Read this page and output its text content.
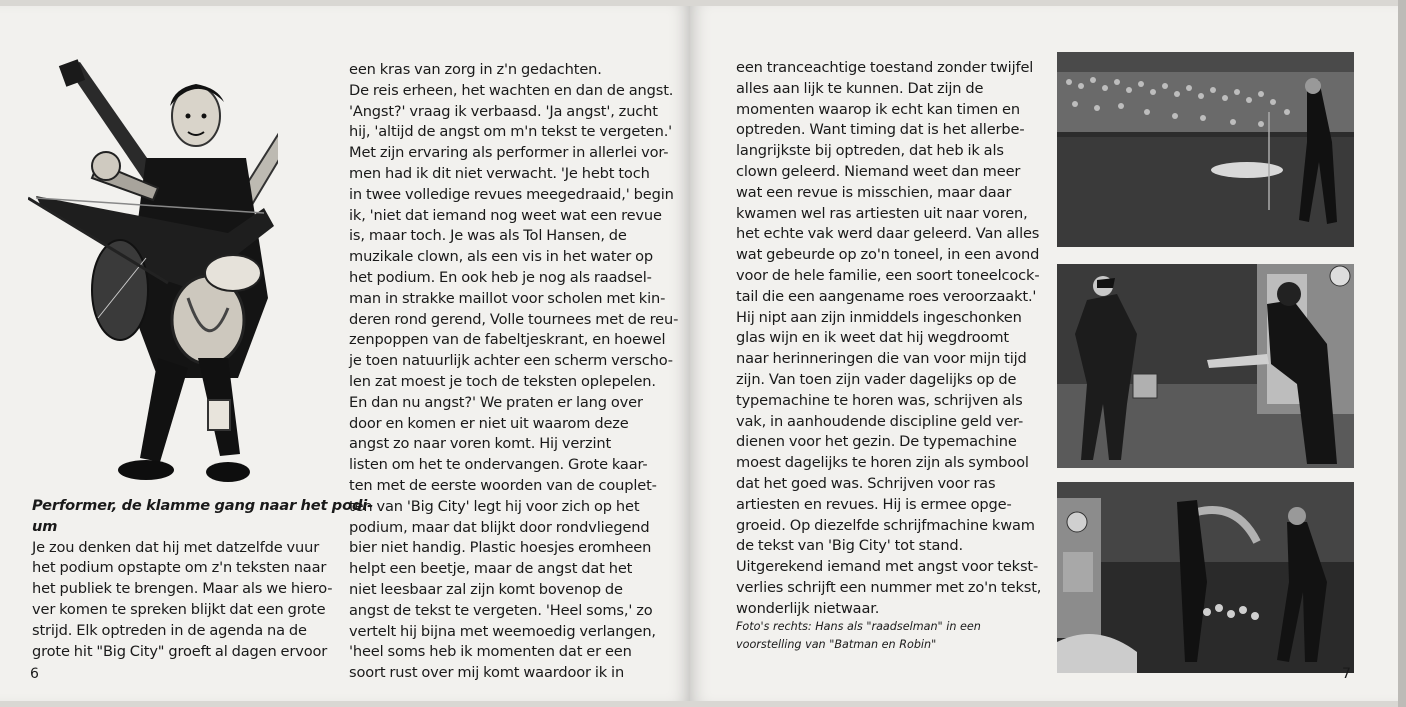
Performer, de klamme gang naar het podi-
um
Je zou denken dat hij met datzelfde vuur
het podium opstapte om z'n teksten naar
het publiek te brengen. Maar als we hiero-
ver komen te spreken blijkt dat een grote
strijd. Elk optreden in de agenda na de
grote hit "Big City" groeft al dagen ervoor
een kras van zorg in z'n gedachten.
De reis erheen, het wachten en dan de angst.
'Angst?' vraag ik verbaasd. 'Ja angst', zucht
hij, 'altijd de angst om m'n tekst te vergeten.'
Met zijn ervaring als performer in allerlei vor-
men had ik dit niet verwacht. 'Je hebt toch
in twee volledige revues meegedraaid,' begin
ik, 'niet dat iemand nog weet wat een revue
is, maar toch. Je was als Tol Hansen, de
muzikale clown, als een vis in het water op
het podium. En ook heb je nog als raadsel-
man in strakke maillot voor scholen met kin-
deren rond gerend, Volle tournees met de reu-
zenpoppen van de fabeltjeskrant, en hoewel
je toen natuurlijk achter een scherm verscho-
len zat moest je toch de teksten oplepelen.
En dan nu angst?' We praten er lang over
door en komen er niet uit waarom deze
angst zo naar voren komt. Hij verzint
listen om het te ondervangen. Grote kaar-
ten met de eerste woorden van de couplet-
ten van 'Big City' legt hij voor zich op het
podium, maar dat blijkt door rondvliegend
bier niet handig. Plastic hoesjes eromheen
helpt een beetje, maar de angst dat het
niet leesbaar zal zijn komt bovenop de
angst de tekst te vergeten. 'Heel soms,' zo
vertelt hij bijna met weemoedig verlangen,
'heel soms heb ik momenten dat er een
soort rust over mij komt waardoor ik in
6
een tranceachtige toestand zonder twijfel
alles aan lijk te kunnen. Dat zijn de
momenten waarop ik echt kan timen en
optreden. Want timing dat is het allerbe-
langrijkste bij optreden, dat heb ik als
clown geleerd. Niemand weet dan meer
wat een revue is misschien, maar daar
kwamen wel ras artiesten uit naar voren,
het echte vak werd daar geleerd. Van alles
wat gebeurde op zo'n toneel, in een avond
voor de hele familie, een soort toneelcock-
tail die een aangename roes veroorzaakt.'
Hij nipt aan zijn inmiddels ingeschonken
glas wijn en ik weet dat hij wegdroomt
naar herinneringen die van voor mijn tijd
zijn. Van toen zijn vader dagelijks op de
typemachine te horen was, schrijven als
vak, in aanhoudende discipline geld ver-
dienen voor het gezin. De typemachine
moest dagelijks te horen zijn als symbool
dat het goed was. Schrijven voor ras
artiesten en revues. Hij is ermee opge-
groeid. Op diezelfde schrijfmachine kwam
de tekst van 'Big City' tot stand.
Uitgerekend iemand met angst voor tekst-
verlies schrijft een nummer met zo'n tekst,
wonderlijk nietwaar.
Foto's rechts: Hans als "raadselman" in een
voorstelling van "Batman en Robin"
7
